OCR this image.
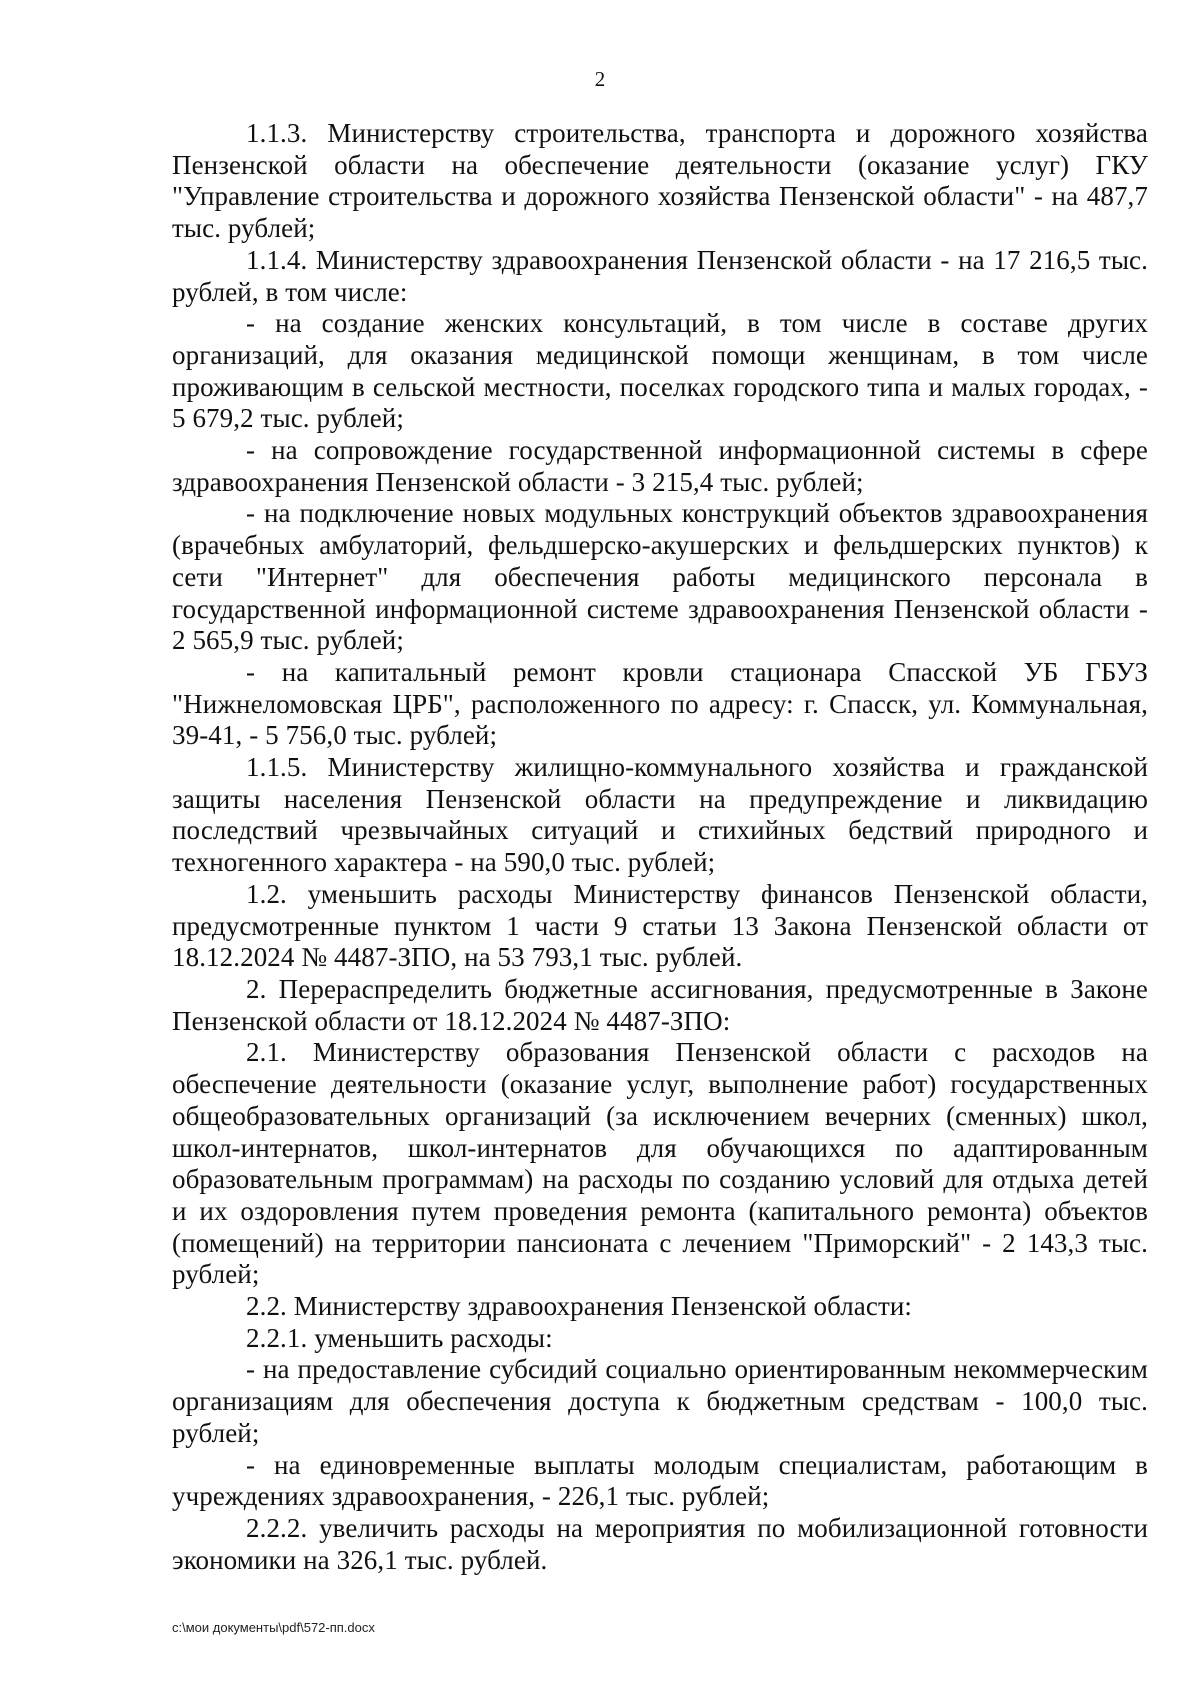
2

1.1.3. Министерству строительства, транспорта и дорожного хозяйства Пензенской области на обеспечение деятельности (оказание услуг) ГКУ "Управление строительства и дорожного хозяйства Пензенской области" - на 487,7 тыс. рублей;

1.1.4. Министерству здравоохранения Пензенской области - на 17 216,5 тыс. рублей, в том числе:

- на создание женских консультаций, в том числе в составе других организаций, для оказания медицинской помощи женщинам, в том числе проживающим в сельской местности, поселках городского типа и малых городах, - 5 679,2 тыс. рублей;

- на сопровождение государственной информационной системы в сфере здравоохранения Пензенской области - 3 215,4 тыс. рублей;

- на подключение новых модульных конструкций объектов здравоохранения (врачебных амбулаторий, фельдшерско-акушерских и фельдшерских пунктов) к сети "Интернет" для обеспечения работы медицинского персонала в государственной информационной системе здравоохранения Пензенской области - 2 565,9 тыс. рублей;

- на капитальный ремонт кровли стационара Спасской УБ ГБУЗ "Нижнеломовская ЦРБ", расположенного по адресу: г. Спасск, ул. Коммунальная, 39-41, - 5 756,0 тыс. рублей;

1.1.5. Министерству жилищно-коммунального хозяйства и гражданской защиты населения Пензенской области на предупреждение и ликвидацию последствий чрезвычайных ситуаций и стихийных бедствий природного и техногенного характера - на 590,0 тыс. рублей;

1.2. уменьшить расходы Министерству финансов Пензенской области, предусмотренные пунктом 1 части 9 статьи 13 Закона Пензенской области от 18.12.2024 № 4487-ЗПО, на 53 793,1 тыс. рублей.

2. Перераспределить бюджетные ассигнования, предусмотренные в Законе Пензенской области от 18.12.2024 № 4487-ЗПО:

2.1. Министерству образования Пензенской области с расходов на обеспечение деятельности (оказание услуг, выполнение работ) государственных общеобразовательных организаций (за исключением вечерних (сменных) школ, школ-интернатов, школ-интернатов для обучающихся по адаптированным образовательным программам) на расходы по созданию условий для отдыха детей и их оздоровления путем проведения ремонта (капитального ремонта) объектов (помещений) на территории пансионата с лечением "Приморский" - 2 143,3 тыс. рублей;

2.2. Министерству здравоохранения Пензенской области:

2.2.1. уменьшить расходы:

- на предоставление субсидий социально ориентированным некоммерческим организациям для обеспечения доступа к бюджетным средствам - 100,0 тыс. рублей;

- на единовременные выплаты молодым специалистам, работающим в учреждениях здравоохранения, - 226,1 тыс. рублей;

2.2.2. увеличить расходы на мероприятия по мобилизационной готовности экономики на 326,1 тыс. рублей.

c:\мои документы\pdf\572-пп.docx
